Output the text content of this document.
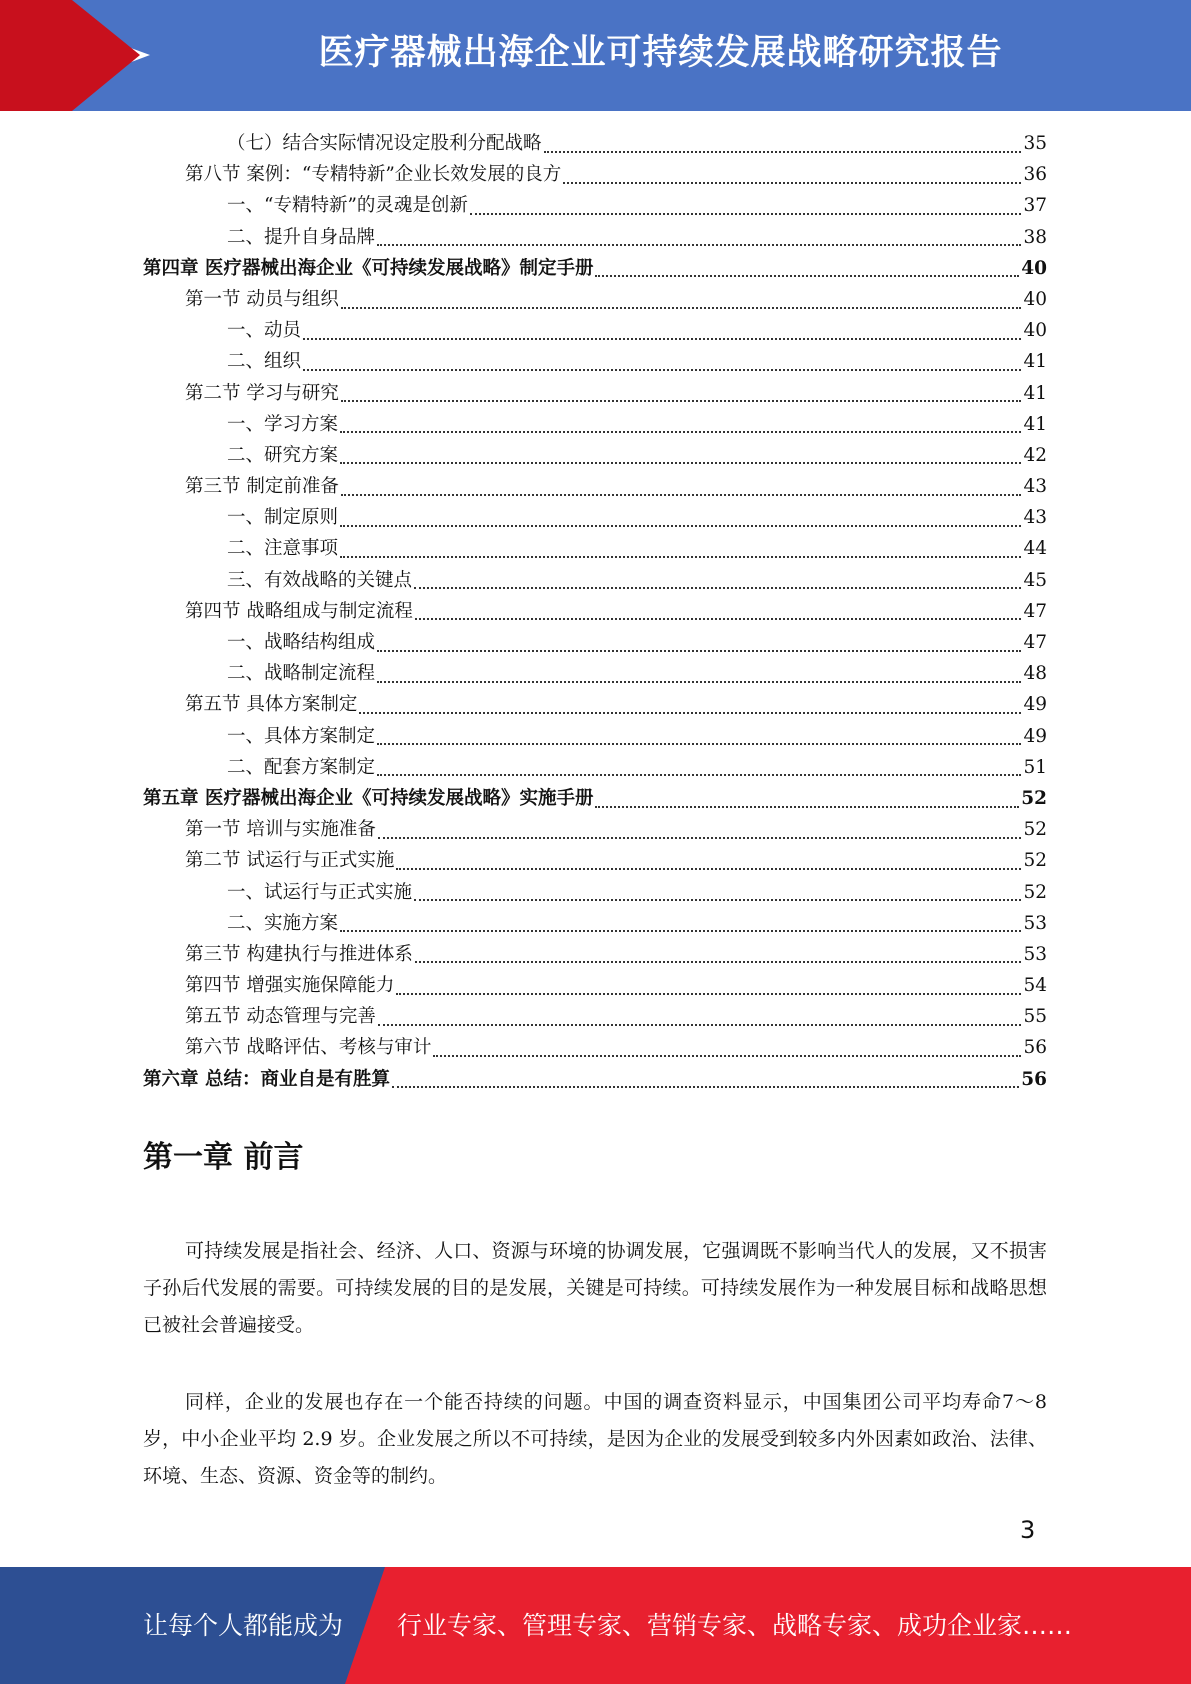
医疗器械出海企业可持续发展战略研究报告
（七）结合实际情况设定股利分配战略	35
第八节 案例：“专精特新”企业长效发展的良方	36
一、“专精特新”的灵魂是创新	37
二、提升自身品牌	38
第四章 医疗器械出海企业《可持续发展战略》制定手册	40
第一节 动员与组织	40
一、动员	40
二、组织	41
第二节 学习与研究	41
一、学习方案	41
二、研究方案	42
第三节 制定前准备	43
一、制定原则	43
二、注意事项	44
三、有效战略的关键点	45
第四节 战略组成与制定流程	47
一、战略结构组成	47
二、战略制定流程	48
第五节 具体方案制定	49
一、具体方案制定	49
二、配套方案制定	51
第五章 医疗器械出海企业《可持续发展战略》实施手册	52
第一节 培训与实施准备	52
第二节 试运行与正式实施	52
一、试运行与正式实施	52
二、实施方案	53
第三节 构建执行与推进体系	53
第四节 增强实施保障能力	54
第五节 动态管理与完善	55
第六节 战略评估、考核与审计	56
第六章 总结：商业自是有胜算	56
第一章 前言

可持续发展是指社会、经济、人口、资源与环境的协调发展，它强调既不影响当代人的发展，又不损害子孙后代发展的需要。可持续发展的目的是发展，关键是可持续。可持续发展作为一种发展目标和战略思想已被社会普遍接受。

同样，企业的发展也存在一个能否持续的问题。中国的调查资料显示，中国集团公司平均寿命7～8 岁，中小企业平均 2.9 岁。企业发展之所以不可持续，是因为企业的发展受到较多内外因素如政治、法律、环境、生态、资源、资金等的制约。

3
让每个人都能成为 行业专家、管理专家、营销专家、战略专家、成功企业家……
